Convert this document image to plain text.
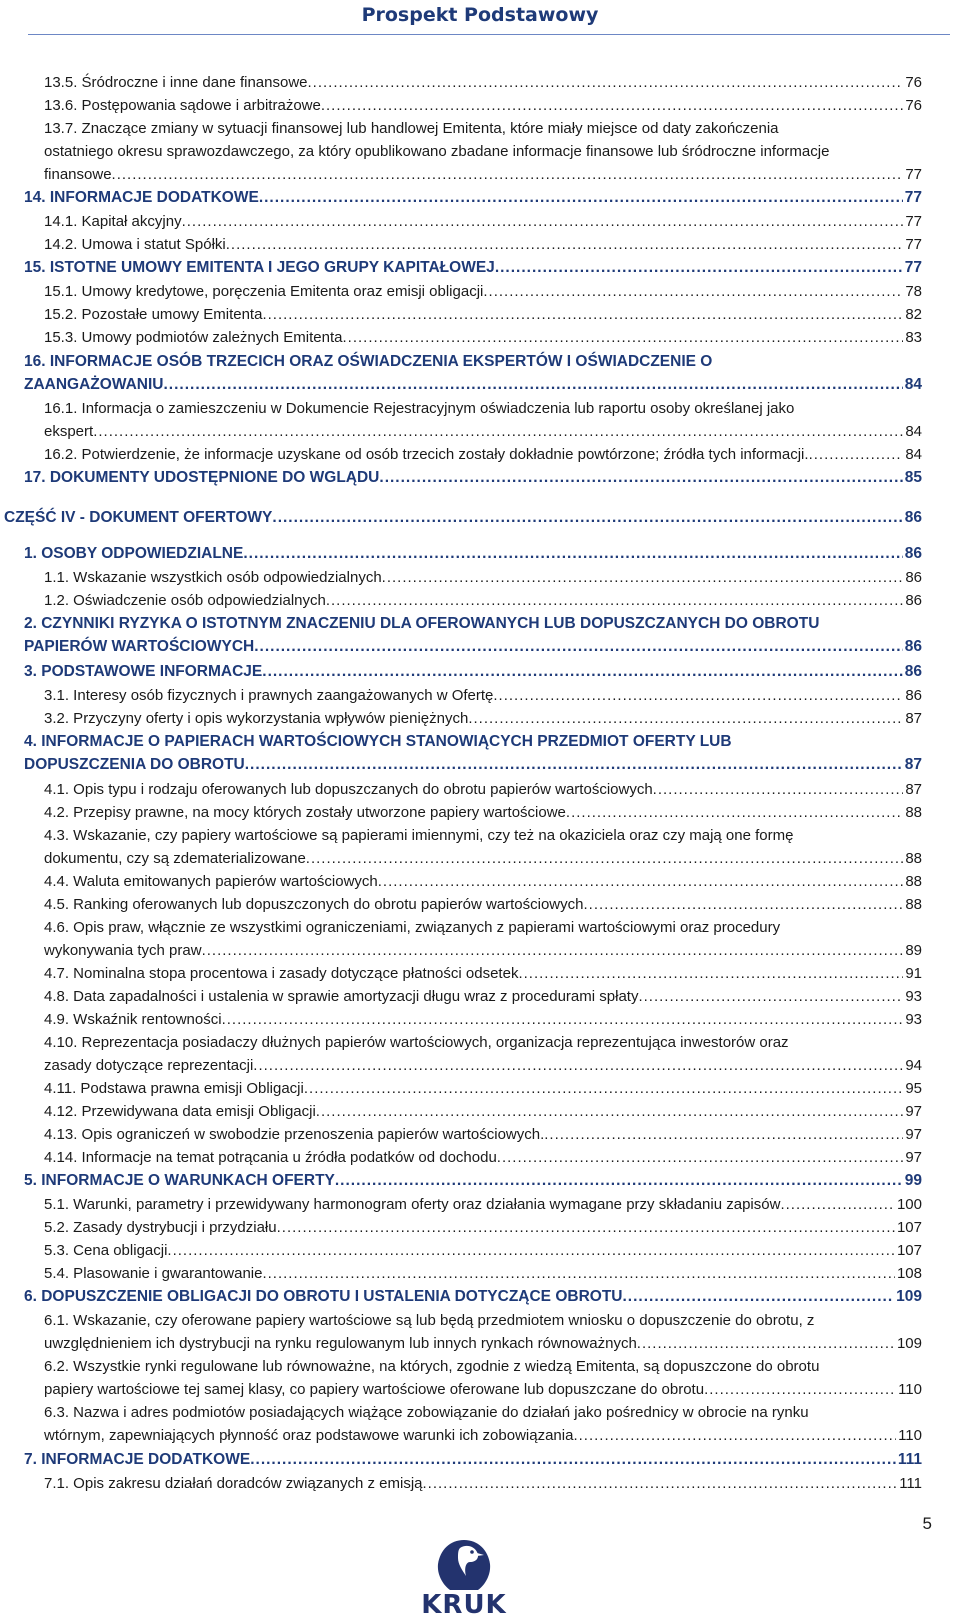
Prospekt Podstawowy
13.5. Śródroczne i inne dane finansowe .....	76
13.6. Postępowania sądowe i arbitrażowe .....	76
13.7. Znaczące zmiany w sytuacji finansowej lub handlowej Emitenta, które miały miejsce od daty zakończenia
ostatniego okresu sprawozdawczego, za który opublikowano zbadane informacje finansowe lub śródroczne informacje
finansowe .....	77
14. INFORMACJE DODATKOWE .....	77
14.1. Kapitał akcyjny .....	77
14.2. Umowa i statut Spółki .....	77
15. ISTOTNE UMOWY EMITENTA I JEGO GRUPY KAPITAŁOWEJ .....	77
15.1. Umowy kredytowe, poręczenia Emitenta oraz emisji obligacji .....	78
15.2. Pozostałe umowy Emitenta .....	82
15.3. Umowy podmiotów zależnych Emitenta .....	83
16. INFORMACJE OSÓB TRZECICH ORAZ OŚWIADCZENIA EKSPERTÓW I OŚWIADCZENIE O
ZAANGAŻOWANIU .....	84
16.1. Informacja o zamieszczeniu w Dokumencie Rejestracyjnym oświadczenia lub raportu osoby określanej jako
ekspert .....	84
16.2. Potwierdzenie, że informacje uzyskane od osób trzecich zostały dokładnie powtórzone; źródła tych informacji. .....	84
17. DOKUMENTY UDOSTĘPNIONE DO WGLĄDU .....	85
CZĘŚĆ IV - DOKUMENT OFERTOWY .....	86
1. OSOBY ODPOWIEDZIALNE .....	86
1.1. Wskazanie wszystkich osób odpowiedzialnych .....	86
1.2. Oświadczenie osób odpowiedzialnych .....	86
2. CZYNNIKI RYZYKA O ISTOTNYM ZNACZENIU DLA OFEROWANYCH LUB DOPUSZCZANYCH DO OBROTU
PAPIERÓW WARTOŚCIOWYCH .....	86
3. PODSTAWOWE INFORMACJE .....	86
3.1. Interesy osób fizycznych i prawnych zaangażowanych w Ofertę .....	86
3.2. Przyczyny oferty i opis wykorzystania wpływów pieniężnych .....	87
4. INFORMACJE O PAPIERACH WARTOŚCIOWYCH STANOWIĄCYCH PRZEDMIOT OFERTY LUB
DOPUSZCZENIA DO OBROTU .....	87
4.1. Opis typu i rodzaju oferowanych lub dopuszczanych do obrotu papierów wartościowych .....	87
4.2. Przepisy prawne, na mocy których zostały utworzone papiery wartościowe .....	88
4.3. Wskazanie, czy papiery wartościowe są papierami imiennymi, czy też na okaziciela oraz czy mają one formę
dokumentu, czy są zdematerializowane .....	88
4.4. Waluta emitowanych papierów wartościowych .....	88
4.5. Ranking oferowanych lub dopuszczonych do obrotu papierów wartościowych .....	88
4.6. Opis praw, włącznie ze wszystkimi ograniczeniami, związanych z papierami wartościowymi oraz procedury
wykonywania tych praw .....	89
4.7. Nominalna stopa procentowa i zasady dotyczące płatności odsetek .....	91
4.8. Data zapadalności i ustalenia w sprawie amortyzacji długu wraz z procedurami spłaty .....	93
4.9. Wskaźnik rentowności .....	93
4.10. Reprezentacja posiadaczy dłużnych papierów wartościowych, organizacja reprezentująca inwestorów oraz
zasady dotyczące reprezentacji .....	94
4.11. Podstawa prawna emisji Obligacji .....	95
4.12. Przewidywana data emisji Obligacji .....	97
4.13. Opis ograniczeń w swobodzie przenoszenia papierów wartościowych. .....	97
4.14. Informacje na temat potrącania u źródła podatków od dochodu .....	97
5. INFORMACJE O WARUNKACH OFERTY .....	99
5.1. Warunki, parametry i przewidywany harmonogram oferty oraz działania wymagane przy składaniu zapisów .....	100
5.2. Zasady dystrybucji i przydziału .....	107
5.3. Cena obligacji .....	107
5.4. Plasowanie i gwarantowanie .....	108
6. DOPUSZCZENIE OBLIGACJI DO OBROTU I USTALENIA DOTYCZĄCE OBROTU .....	109
6.1. Wskazanie, czy oferowane papiery wartościowe są lub będą przedmiotem wniosku o dopuszczenie do obrotu, z
uwzględnieniem ich dystrybucji na rynku regulowanym lub innych rynkach równoważnych .....	109
6.2. Wszystkie rynki regulowane lub równoważne, na których, zgodnie z wiedzą Emitenta, są dopuszczone do obrotu
papiery wartościowe tej samej klasy, co papiery wartościowe oferowane lub dopuszczane do obrotu .....	110
6.3. Nazwa i adres podmiotów posiadających wiążące zobowiązanie do działań jako pośrednicy w obrocie na rynku
wtórnym, zapewniających płynność oraz podstawowe warunki ich zobowiązania .....	110
7. INFORMACJE DODATKOWE .....	111
7.1. Opis zakresu działań doradców związanych z emisją .....	111
5
KRUK
